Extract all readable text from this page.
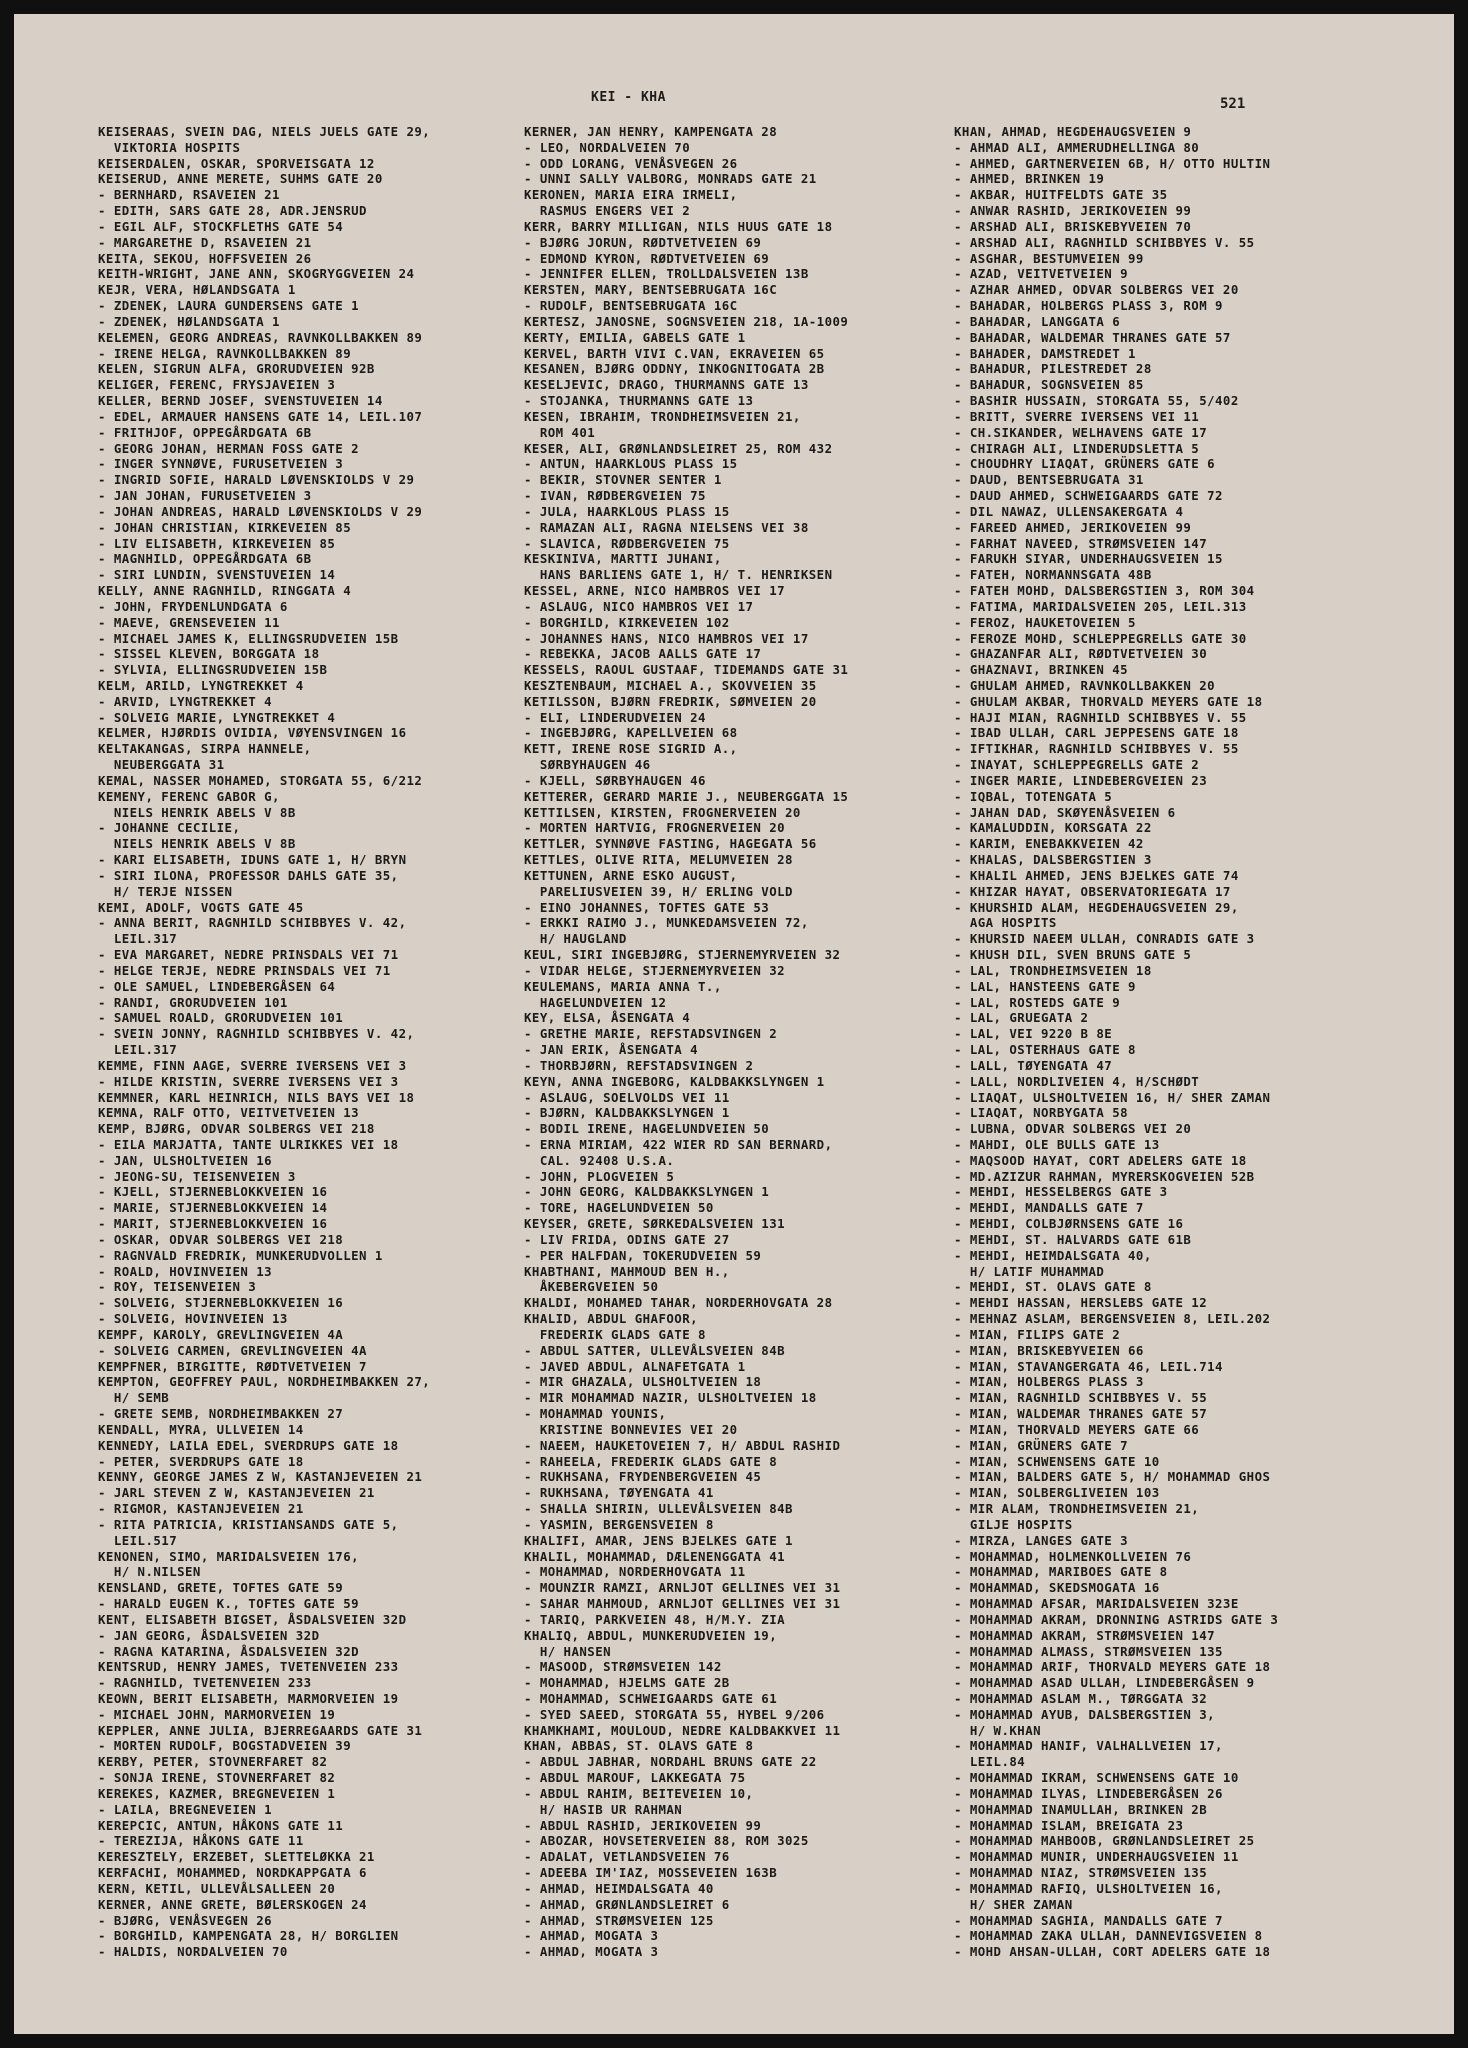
KEI - KHA	521
KEISERAAS, SVEIN DAG, NIELS JUELS GATE 29,
VIKTORIA HOSPITS
KEISERDALEN, OSKAR, SPORVEISGATA 12
KEISERUD, ANNE MERETE, SUHMS GATE 20
- BERNHARD, RSAVEIEN 21
- EDITH, SARS GATE 28, ADR.JENSRUD
- EGIL ALF, STOCKFLETHS GATE 54
- MARGARETHE D, RSAVEIEN 21
KEITA, SEKOU, HOFFSVEIEN 26
KEITH-WRIGHT, JANE ANN, SKOGRYGGVEIEN 24
KEJR, VERA, HØLANDSGATA 1
- ZDENEK, LAURA GUNDERSENS GATE 1
- ZDENEK, HØLANDSGATA 1
KELEMEN, GEORG ANDREAS, RAVNKOLLBAKKEN 89
- IRENE HELGA, RAVNKOLLBAKKEN 89
KELEN, SIGRUN ALFA, GRORUDVEIEN 92B
KELIGER, FERENC, FRYSJAVEIEN 3
KELLER, BERND JOSEF, SVENSTUVEIEN 14
- EDEL, ARMAUER HANSENS GATE 14, LEIL.107
- FRITHJOF, OPPEGÅRDGATA 6B
- GEORG JOHAN, HERMAN FOSS GATE 2
- INGER SYNNØVE, FURUSETVEIEN 3
- INGRID SOFIE, HARALD LØVENSKIOLDS V 29
- JAN JOHAN, FURUSETVEIEN 3
- JOHAN ANDREAS, HARALD LØVENSKIOLDS V 29
- JOHAN CHRISTIAN, KIRKEVEIEN 85
- LIV ELISABETH, KIRKEVEIEN 85
- MAGNHILD, OPPEGÅRDGATA 6B
- SIRI LUNDIN, SVENSTUVEIEN 14
KELLY, ANNE RAGNHILD, RINGGATA 4
- JOHN, FRYDENLUNDGATA 6
- MAEVE, GRENSEVEIEN 11
- MICHAEL JAMES K, ELLINGSRUDVEIEN 15B
- SISSEL KLEVEN, BORGGATA 18
- SYLVIA, ELLINGSRUDVEIEN 15B
KELM, ARILD, LYNGTREKKET 4
- ARVID, LYNGTREKKET 4
- SOLVEIG MARIE, LYNGTREKKET 4
KELMER, HJØRDIS OVIDIA, VØYENSVINGEN 16
KELTAKANGAS, SIRPA HANNELE,
NEUBERGGATA 31
KEMAL, NASSER MOHAMED, STORGATA 55, 6/212
KEMENY, FERENC GABOR G,
NIELS HENRIK ABELS V 8B
- JOHANNE CECILIE,
NIELS HENRIK ABELS V 8B
- KARI ELISABETH, IDUNS GATE 1, H/ BRYN
- SIRI ILONA, PROFESSOR DAHLS GATE 35,
H/ TERJE NISSEN
KEMI, ADOLF, VOGTS GATE 45
- ANNA BERIT, RAGNHILD SCHIBBYES V. 42,
LEIL.317
- EVA MARGARET, NEDRE PRINSDALS VEI 71
- HELGE TERJE, NEDRE PRINSDALS VEI 71
- OLE SAMUEL, LINDEBERGÅSEN 64
- RANDI, GRORUDVEIEN 101
- SAMUEL ROALD, GRORUDVEIEN 101
- SVEIN JONNY, RAGNHILD SCHIBBYES V. 42,
LEIL.317
KEMME, FINN AAGE, SVERRE IVERSENS VEI 3
- HILDE KRISTIN, SVERRE IVERSENS VEI 3
KEMMNER, KARL HEINRICH, NILS BAYS VEI 18
KEMNA, RALF OTTO, VEITVETVEIEN 13
KEMP, BJØRG, ODVAR SOLBERGS VEI 218
- EILA MARJATTA, TANTE ULRIKKES VEI 18
- JAN, ULSHOLTVEIEN 16
- JEONG-SU, TEISENVEIEN 3
- KJELL, STJERNEBLOKKVEIEN 16
- MARIE, STJERNEBLOKKVEIEN 14
- MARIT, STJERNEBLOKKVEIEN 16
- OSKAR, ODVAR SOLBERGS VEI 218
- RAGNVALD FREDRIK, MUNKERUDVOLLEN 1
- ROALD, HOVINVEIEN 13
- ROY, TEISENVEIEN 3
- SOLVEIG, STJERNEBLOKKVEIEN 16
- SOLVEIG, HOVINVEIEN 13
KEMPF, KAROLY, GREVLINGVEIEN 4A
- SOLVEIG CARMEN, GREVLINGVEIEN 4A
KEMPFNER, BIRGITTE, RØDTVETVEIEN 7
KEMPTON, GEOFFREY PAUL, NORDHEIMBAKKEN 27,
H/ SEMB
- GRETE SEMB, NORDHEIMBAKKEN 27
KENDALL, MYRA, ULLVEIEN 14
KENNEDY, LAILA EDEL, SVERDRUPS GATE 18
- PETER, SVERDRUPS GATE 18
KENNY, GEORGE JAMES Z W, KASTANJEVEIEN 21
- JARL STEVEN Z W, KASTANJEVEIEN 21
- RIGMOR, KASTANJEVEIEN 21
- RITA PATRICIA, KRISTIANSANDS GATE 5,
LEIL.517
KENONEN, SIMO, MARIDALSVEIEN 176,
H/ N.NILSEN
KENSLAND, GRETE, TOFTES GATE 59
- HARALD EUGEN K., TOFTES GATE 59
KENT, ELISABETH BIGSET, ÅSDALSVEIEN 32D
- JAN GEORG, ÅSDALSVEIEN 32D
- RAGNA KATARINA, ÅSDALSVEIEN 32D
KENTSRUD, HENRY JAMES, TVETENVEIEN 233
- RAGNHILD, TVETENVEIEN 233
KEOWN, BERIT ELISABETH, MARMORVEIEN 19
- MICHAEL JOHN, MARMORVEIEN 19
KEPPLER, ANNE JULIA, BJERREGAARDS GATE 31
- MORTEN RUDOLF, BOGSTADVEIEN 39
KERBY, PETER, STOVNERFARET 82
- SONJA IRENE, STOVNERFARET 82
KEREKES, KAZMER, BREGNEVEIEN 1
- LAILA, BREGNEVEIEN 1
KEREPCIC, ANTUN, HÅKONS GATE 11
- TEREZIJA, HÅKONS GATE 11
KERESZTELY, ERZEBET, SLETTELØKKA 21
KERFACHI, MOHAMMED, NORDKAPPGATA 6
KERN, KETIL, ULLEVÅLSALLEEN 20
KERNER, ANNE GRETE, BØLERSKOGEN 24
- BJØRG, VENÅSVEGEN 26
- BORGHILD, KAMPENGATA 28, H/ BORGLIEN
- HALDIS, NORDALVEIEN 70
KERNER, JAN HENRY, KAMPENGATA 28
- LEO, NORDALVEIEN 70
- ODD LORANG, VENÅSVEGEN 26
- UNNI SALLY VALBORG, MONRADS GATE 21
KERONEN, MARIA EIRA IRMELI,
RASMUS ENGERS VEI 2
KERR, BARRY MILLIGAN, NILS HUUS GATE 18
- BJØRG JORUN, RØDTVETVEIEN 69
- EDMOND KYRON, RØDTVETVEIEN 69
- JENNIFER ELLEN, TROLLDALSVEIEN 13B
KERSTEN, MARY, BENTSEBRUGATA 16C
- RUDOLF, BENTSEBRUGATA 16C
KERTESZ, JANOSNE, SOGNSVEIEN 218, 1A-1009
KERTY, EMILIA, GABELS GATE 1
KERVEL, BARTH VIVI C.VAN, EKRAVEIEN 65
KESANEN, BJØRG ODDNY, INKOGNITOGATA 2B
KESELJEVIC, DRAGO, THURMANNS GATE 13
- STOJANKA, THURMANNS GATE 13
KESEN, IBRAHIM, TRONDHEIMSVEIEN 21,
ROM 401
KESER, ALI, GRØNLANDSLEIRET 25, ROM 432
- ANTUN, HAARKLOUS PLASS 15
- BEKIR, STOVNER SENTER 1
- IVAN, RØDBERGVEIEN 75
- JULA, HAARKLOUS PLASS 15
- RAMAZAN ALI, RAGNA NIELSENS VEI 38
- SLAVICA, RØDBERGVEIEN 75
KESKINIVA, MARTTI JUHANI,
HANS BARLIENS GATE 1, H/ T. HENRIKSEN
KESSEL, ARNE, NICO HAMBROS VEI 17
- ASLAUG, NICO HAMBROS VEI 17
- BORGHILD, KIRKEVEIEN 102
- JOHANNES HANS, NICO HAMBROS VEI 17
- REBEKKA, JACOB AALLS GATE 17
KESSELS, RAOUL GUSTAAF, TIDEMANDS GATE 31
KESZTENBAUM, MICHAEL A., SKOVVEIEN 35
KETILSSON, BJØRN FREDRIK, SØMVEIEN 20
- ELI, LINDERUDVEIEN 24
- INGEBJØRG, KAPELLVEIEN 68
KETT, IRENE ROSE SIGRID A.,
SØRBYHAUGEN 46
- KJELL, SØRBYHAUGEN 46
KETTERER, GERARD MARIE J., NEUBERGGATA 15
KETTILSEN, KIRSTEN, FROGNERVEIEN 20
- MORTEN HARTVIG, FROGNERVEIEN 20
KETTLER, SYNNØVE FASTING, HAGEGATA 56
KETTLES, OLIVE RITA, MELUMVEIEN 28
KETTUNEN, ARNE ESKO AUGUST,
PARELIUSVEIEN 39, H/ ERLING VOLD
- EINO JOHANNES, TOFTES GATE 53
- ERKKI RAIMO J., MUNKEDAMSVEIEN 72,
H/ HAUGLAND
KEUL, SIRI INGEBJØRG, STJERNEMYRVEIEN 32
- VIDAR HELGE, STJERNEMYRVEIEN 32
KEULEMANS, MARIA ANNA T.,
HAGELUNDVEIEN 12
KEY, ELSA, ÅSENGATA 4
- GRETHE MARIE, REFSTADSVINGEN 2
- JAN ERIK, ÅSENGATA 4
- THORBJØRN, REFSTADSVINGEN 2
KEYN, ANNA INGEBORG, KALDBAKKSLYNGEN 1
- ASLAUG, SOELVOLDS VEI 11
- BJØRN, KALDBAKKSLYNGEN 1
- BODIL IRENE, HAGELUNDVEIEN 50
- ERNA MIRIAM, 422 WIER RD SAN BERNARD,
CAL. 92408 U.S.A.
- JOHN, PLOGVEIEN 5
- JOHN GEORG, KALDBAKKSLYNGEN 1
- TORE, HAGELUNDVEIEN 50
KEYSER, GRETE, SØRKEDALSVEIEN 131
- LIV FRIDA, ODINS GATE 27
- PER HALFDAN, TOKERUDVEIEN 59
KHABTHANI, MAHMOUD BEN H.,
ÅKEBERGVEIEN 50
KHALDI, MOHAMED TAHAR, NORDERHOVGATA 28
KHALID, ABDUL GHAFOOR,
FREDERIK GLADS GATE 8
- ABDUL SATTER, ULLEVÅLSVEIEN 84B
- JAVED ABDUL, ALNAFETGATA 1
- MIR GHAZALA, ULSHOLTVEIEN 18
- MIR MOHAMMAD NAZIR, ULSHOLTVEIEN 18
- MOHAMMAD YOUNIS,
KRISTINE BONNEVIES VEI 20
- NAEEM, HAUKETOVEIEN 7, H/ ABDUL RASHID
- RAHEELA, FREDERIK GLADS GATE 8
- RUKHSANA, FRYDENBERGVEIEN 45
- RUKHSANA, TØYENGATA 41
- SHALLA SHIRIN, ULLEVÅLSVEIEN 84B
- YASMIN, BERGENSVEIEN 8
KHALIFI, AMAR, JENS BJELKES GATE 1
KHALIL, MOHAMMAD, DÆLENENGGATA 41
- MOHAMMAD, NORDERHOVGATA 11
- MOUNZIR RAMZI, ARNLJOT GELLINES VEI 31
- SAHAR MAHMOUD, ARNLJOT GELLINES VEI 31
- TARIQ, PARKVEIEN 48, H/M.Y. ZIA
KHALIQ, ABDUL, MUNKERUDVEIEN 19,
H/ HANSEN
- MASOOD, STRØMSVEIEN 142
- MOHAMMAD, HJELMS GATE 2B
- MOHAMMAD, SCHWEIGAARDS GATE 61
- SYED SAEED, STORGATA 55, HYBEL 9/206
KHAMKHAMI, MOULOUD, NEDRE KALDBAKKVEI 11
KHAN, ABBAS, ST. OLAVS GATE 8
- ABDUL JABHAR, NORDAHL BRUNS GATE 22
- ABDUL MAROUF, LAKKEGATA 75
- ABDUL RAHIM, BEITEVEIEN 10,
H/ HASIB UR RAHMAN
- ABDUL RASHID, JERIKOVEIEN 99
- ABOZAR, HOVSETERVEIEN 88, ROM 3025
- ADALAT, VETLANDSVEIEN 76
- ADEEBA IM'IAZ, MOSSEVEIEN 163B
- AHMAD, HEIMDALSGATA 40
- AHMAD, GRØNLANDSLEIRET 6
- AHMAD, STRØMSVEIEN 125
- AHMAD, MOGATA 3
- AHMAD, MOGATA 3
KHAN, AHMAD, HEGDEHAUGSVEIEN 9
- AHMAD ALI, AMMERUDHELLINGA 80
- AHMED, GARTNERVEIEN 6B, H/ OTTO HULTIN
- AHMED, BRINKEN 19
- AKBAR, HUITFELDTS GATE 35
- ANWAR RASHID, JERIKOVEIEN 99
- ARSHAD ALI, BRISKEBYVEIEN 70
- ARSHAD ALI, RAGNHILD SCHIBBYES V. 55
- ASGHAR, BESTUMVEIEN 99
- AZAD, VEITVETVEIEN 9
- AZHAR AHMED, ODVAR SOLBERGS VEI 20
- BAHADAR, HOLBERGS PLASS 3, ROM 9
- BAHADAR, LANGGATA 6
- BAHADAR, WALDEMAR THRANES GATE 57
- BAHADER, DAMSTREDET 1
- BAHADUR, PILESTREDET 28
- BAHADUR, SOGNSVEIEN 85
- BASHIR HUSSAIN, STORGATA 55, 5/402
- BRITT, SVERRE IVERSENS VEI 11
- CH.SIKANDER, WELHAVENS GATE 17
- CHIRAGH ALI, LINDERUDSLETTA 5
- CHOUDHRY LIAQAT, GRÜNERS GATE 6
- DAUD, BENTSEBRUGATA 31
- DAUD AHMED, SCHWEIGAARDS GATE 72
- DIL NAWAZ, ULLENSAKERGATA 4
- FAREED AHMED, JERIKOVEIEN 99
- FARHAT NAVEED, STRØMSVEIEN 147
- FARUKH SIYAR, UNDERHAUGSVEIEN 15
- FATEH, NORMANNSGATA 48B
- FATEH MOHD, DALSBERGSTIEN 3, ROM 304
- FATIMA, MARIDALSVEIEN 205, LEIL.313
- FEROZ, HAUKETOVEIEN 5
- FEROZE MOHD, SCHLEPPEGRELLS GATE 30
- GHAZANFAR ALI, RØDTVETVEIEN 30
- GHAZNAVI, BRINKEN 45
- GHULAM AHMED, RAVNKOLLBAKKEN 20
- GHULAM AKBAR, THORVALD MEYERS GATE 18
- HAJI MIAN, RAGNHILD SCHIBBYES V. 55
- IBAD ULLAH, CARL JEPPESENS GATE 18
- IFTIKHAR, RAGNHILD SCHIBBYES V. 55
- INAYAT, SCHLEPPEGRELLS GATE 2
- INGER MARIE, LINDEBERGVEIEN 23
- IQBAL, TOTENGATA 5
- JAHAN DAD, SKØYENÅSVEIEN 6
- KAMALUDDIN, KORSGATA 22
- KARIM, ENEBAKKVEIEN 42
- KHALAS, DALSBERGSTIEN 3
- KHALIL AHMED, JENS BJELKES GATE 74
- KHIZAR HAYAT, OBSERVATORIEGATA 17
- KHURSHID ALAM, HEGDEHAUGSVEIEN 29,
AGA HOSPITS
- KHURSID NAEEM ULLAH, CONRADIS GATE 3
- KHUSH DIL, SVEN BRUNS GATE 5
- LAL, TRONDHEIMSVEIEN 18
- LAL, HANSTEENS GATE 9
- LAL, ROSTEDS GATE 9
- LAL, GRUEGATA 2
- LAL, VEI 9220 B 8E
- LAL, OSTERHAUS GATE 8
- LALL, TØYENGATA 47
- LALL, NORDLIVEIEN 4, H/SCHØDT
- LIAQAT, ULSHOLTVEIEN 16, H/ SHER ZAMAN
- LIAQAT, NORBYGATA 58
- LUBNA, ODVAR SOLBERGS VEI 20
- MAHDI, OLE BULLS GATE 13
- MAQSOOD HAYAT, CORT ADELERS GATE 18
- MD.AZIZUR RAHMAN, MYRERSKOGVEIEN 52B
- MEHDI, HESSELBERGS GATE 3
- MEHDI, MANDALLS GATE 7
- MEHDI, COLBJØRNSENS GATE 16
- MEHDI, ST. HALVARDS GATE 61B
- MEHDI, HEIMDALSGATA 40,
H/ LATIF MUHAMMAD
- MEHDI, ST. OLAVS GATE 8
- MEHDI HASSAN, HERSLEBS GATE 12
- MEHNAZ ASLAM, BERGENSVEIEN 8, LEIL.202
- MIAN, FILIPS GATE 2
- MIAN, BRISKEBYVEIEN 66
- MIAN, STAVANGERGATA 46, LEIL.714
- MIAN, HOLBERGS PLASS 3
- MIAN, RAGNHILD SCHIBBYES V. 55
- MIAN, WALDEMAR THRANES GATE 57
- MIAN, THORVALD MEYERS GATE 66
- MIAN, GRÜNERS GATE 7
- MIAN, SCHWENSENS GATE 10
- MIAN, BALDERS GATE 5, H/ MOHAMMAD GHOS
- MIAN, SOLBERGLIVEIEN 103
- MIR ALAM, TRONDHEIMSVEIEN 21,
GILJE HOSPITS
- MIRZA, LANGES GATE 3
- MOHAMMAD, HOLMENKOLLVEIEN 76
- MOHAMMAD, MARIBOES GATE 8
- MOHAMMAD, SKEDSMOGATA 16
- MOHAMMAD AFSAR, MARIDALSVEIEN 323E
- MOHAMMAD AKRAM, DRONNING ASTRIDS GATE 3
- MOHAMMAD AKRAM, STRØMSVEIEN 147
- MOHAMMAD ALMASS, STRØMSVEIEN 135
- MOHAMMAD ARIF, THORVALD MEYERS GATE 18
- MOHAMMAD ASAD ULLAH, LINDEBERGÅSEN 9
- MOHAMMAD ASLAM M., TØRGGATA 32
- MOHAMMAD AYUB, DALSBERGSTIEN 3,
H/ W.KHAN
- MOHAMMAD HANIF, VALHALLVEIEN 17,
LEIL.84
- MOHAMMAD IKRAM, SCHWENSENS GATE 10
- MOHAMMAD ILYAS, LINDEBERGÅSEN 26
- MOHAMMAD INAMULLAH, BRINKEN 2B
- MOHAMMAD ISLAM, BREIGATA 23
- MOHAMMAD MAHBOOB, GRØNLANDSLEIRET 25
- MOHAMMAD MUNIR, UNDERHAUGSVEIEN 11
- MOHAMMAD NIAZ, STRØMSVEIEN 135
- MOHAMMAD RAFIQ, ULSHOLTVEIEN 16,
H/ SHER ZAMAN
- MOHAMMAD SAGHIA, MANDALLS GATE 7
- MOHAMMAD ZAKA ULLAH, DANNEVIGSVEIEN 8
- MOHD AHSAN-ULLAH, CORT ADELERS GATE 18
